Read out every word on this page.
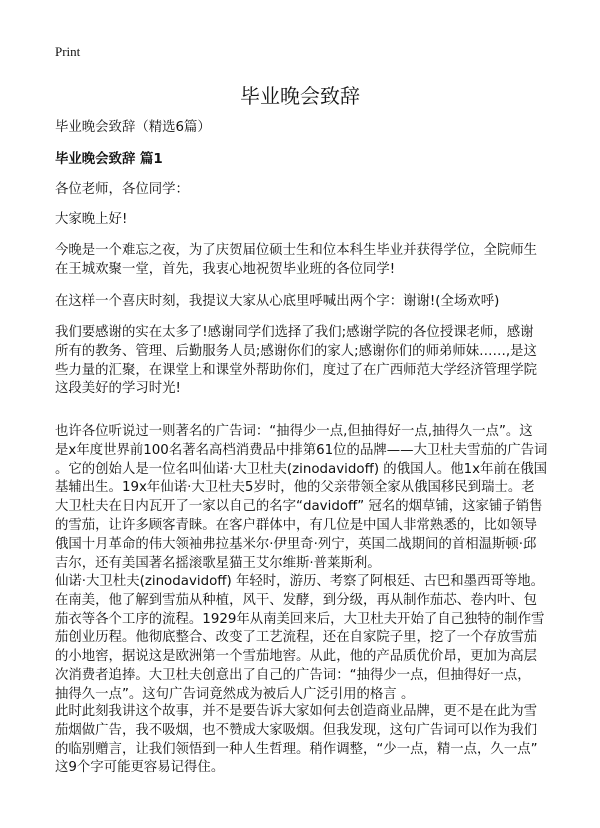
Print
毕业晚会致辞
毕业晚会致辞（精选6篇）
毕业晚会致辞 篇1
各位老师，各位同学：
大家晚上好!
今晚是一个难忘之夜，为了庆贺届位硕士生和位本科生毕业并获得学位，全院师生
在王城欢聚一堂，首先，我衷心地祝贺毕业班的各位同学!
在这样一个喜庆时刻，我提议大家从心底里呼喊出两个字：谢谢!(全场欢呼)
我们要感谢的实在太多了!感谢同学们选择了我们;感谢学院的各位授课老师，感谢
所有的教务、管理、后勤服务人员;感谢你们的家人;感谢你们的师弟师妹……,是这
些力量的汇聚，在课堂上和课堂外帮助你们，度过了在广西师范大学经济管理学院
这段美好的学习时光!
也许各位听说过一则著名的广告词：“抽得少一点,但抽得好一点,抽得久一点”。这
是x年度世界前100名著名高档消费品中排第61位的品牌——大卫杜夫雪茄的广告词
。它的创始人是一位名叫仙诺·大卫杜夫(zinodavidoff) 的俄国人。他1x年前在俄国
基辅出生。19x年仙诺·大卫杜夫5岁时，他的父亲带领全家从俄国移民到瑞士。老
大卫杜夫在日内瓦开了一家以自己的名字“davidoff” 冠名的烟草铺，这家铺子销售
的雪茄，让许多顾客青睐。在客户群体中，有几位是中国人非常熟悉的，比如领导
俄国十月革命的伟大领袖弗拉基米尔·伊里奇·列宁，英国二战期间的首相温斯顿·邱
吉尔，还有美国著名摇滚歌星猫王艾尔维斯·普莱斯利。
仙诺·大卫杜夫(zinodavidoff) 年轻时，游历、考察了阿根廷、古巴和墨西哥等地。
在南美，他了解到雪茄从种植，风干、发酵，到分级，再从制作茄芯、卷内叶、包
茄衣等各个工序的流程。1929年从南美回来后，大卫杜夫开始了自己独特的制作雪
茄创业历程。他彻底整合、改变了工艺流程，还在自家院子里，挖了一个存放雪茄
的小地窖，据说这是欧洲第一个雪茄地窖。从此，他的产品质优价昂，更加为高层
次消费者追捧。大卫杜夫创意出了自己的广告词：“抽得少一点，但抽得好一点，
抽得久一点”。这句广告词竟然成为被后人广泛引用的格言 。
此时此刻我讲这个故事，并不是要告诉大家如何去创造商业品牌，更不是在此为雪
茄烟做广告，我不吸烟，也不赞成大家吸烟。但我发现，这句广告词可以作为我们
的临别赠言，让我们领悟到一种人生哲理。稍作调整，“少一点，精一点，久一点”
这9个字可能更容易记得住。
